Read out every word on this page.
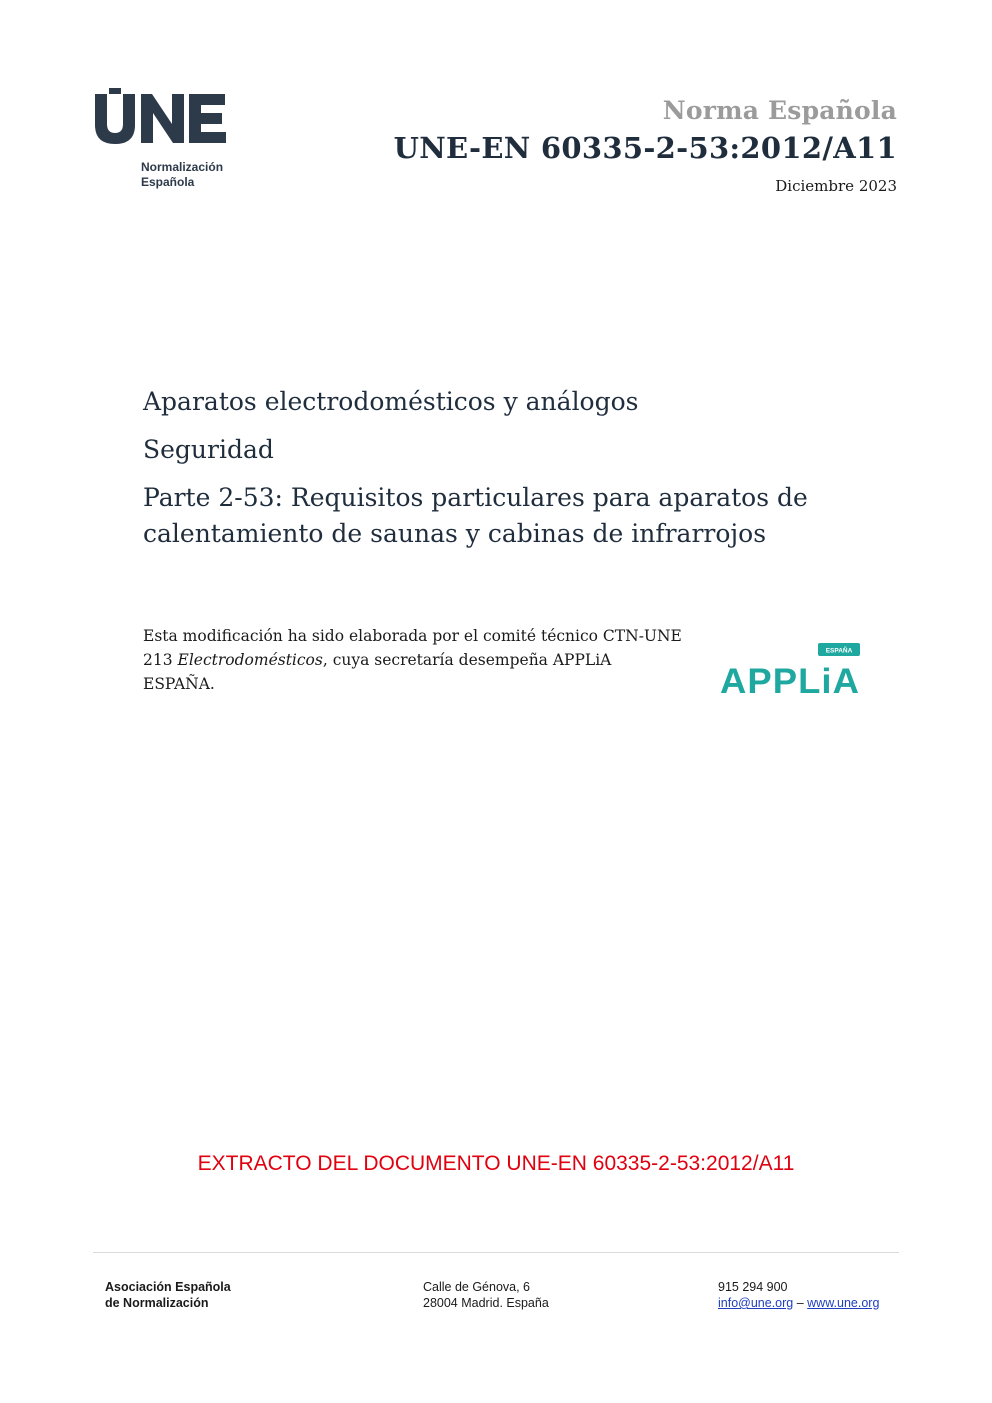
Normalización
Española
Norma Española
UNE-EN 60335-2-53:2012/A11
Diciembre 2023
Aparatos electrodomésticos y análogos
Seguridad
Parte 2-53: Requisitos particulares para aparatos de calentamiento de saunas y cabinas de infrarrojos
Esta modificación ha sido elaborada por el comité técnico CTN-UNE 213 Electrodomésticos, cuya secretaría desempeña APPLiA ESPAÑA.
ESPAÑA
APPLiA
EXTRACTO DEL DOCUMENTO UNE-EN 60335-2-53:2012/A11
Asociación Española
de Normalización
Calle de Génova, 6
28004 Madrid. España
915 294 900
info@une.org – www.une.org
